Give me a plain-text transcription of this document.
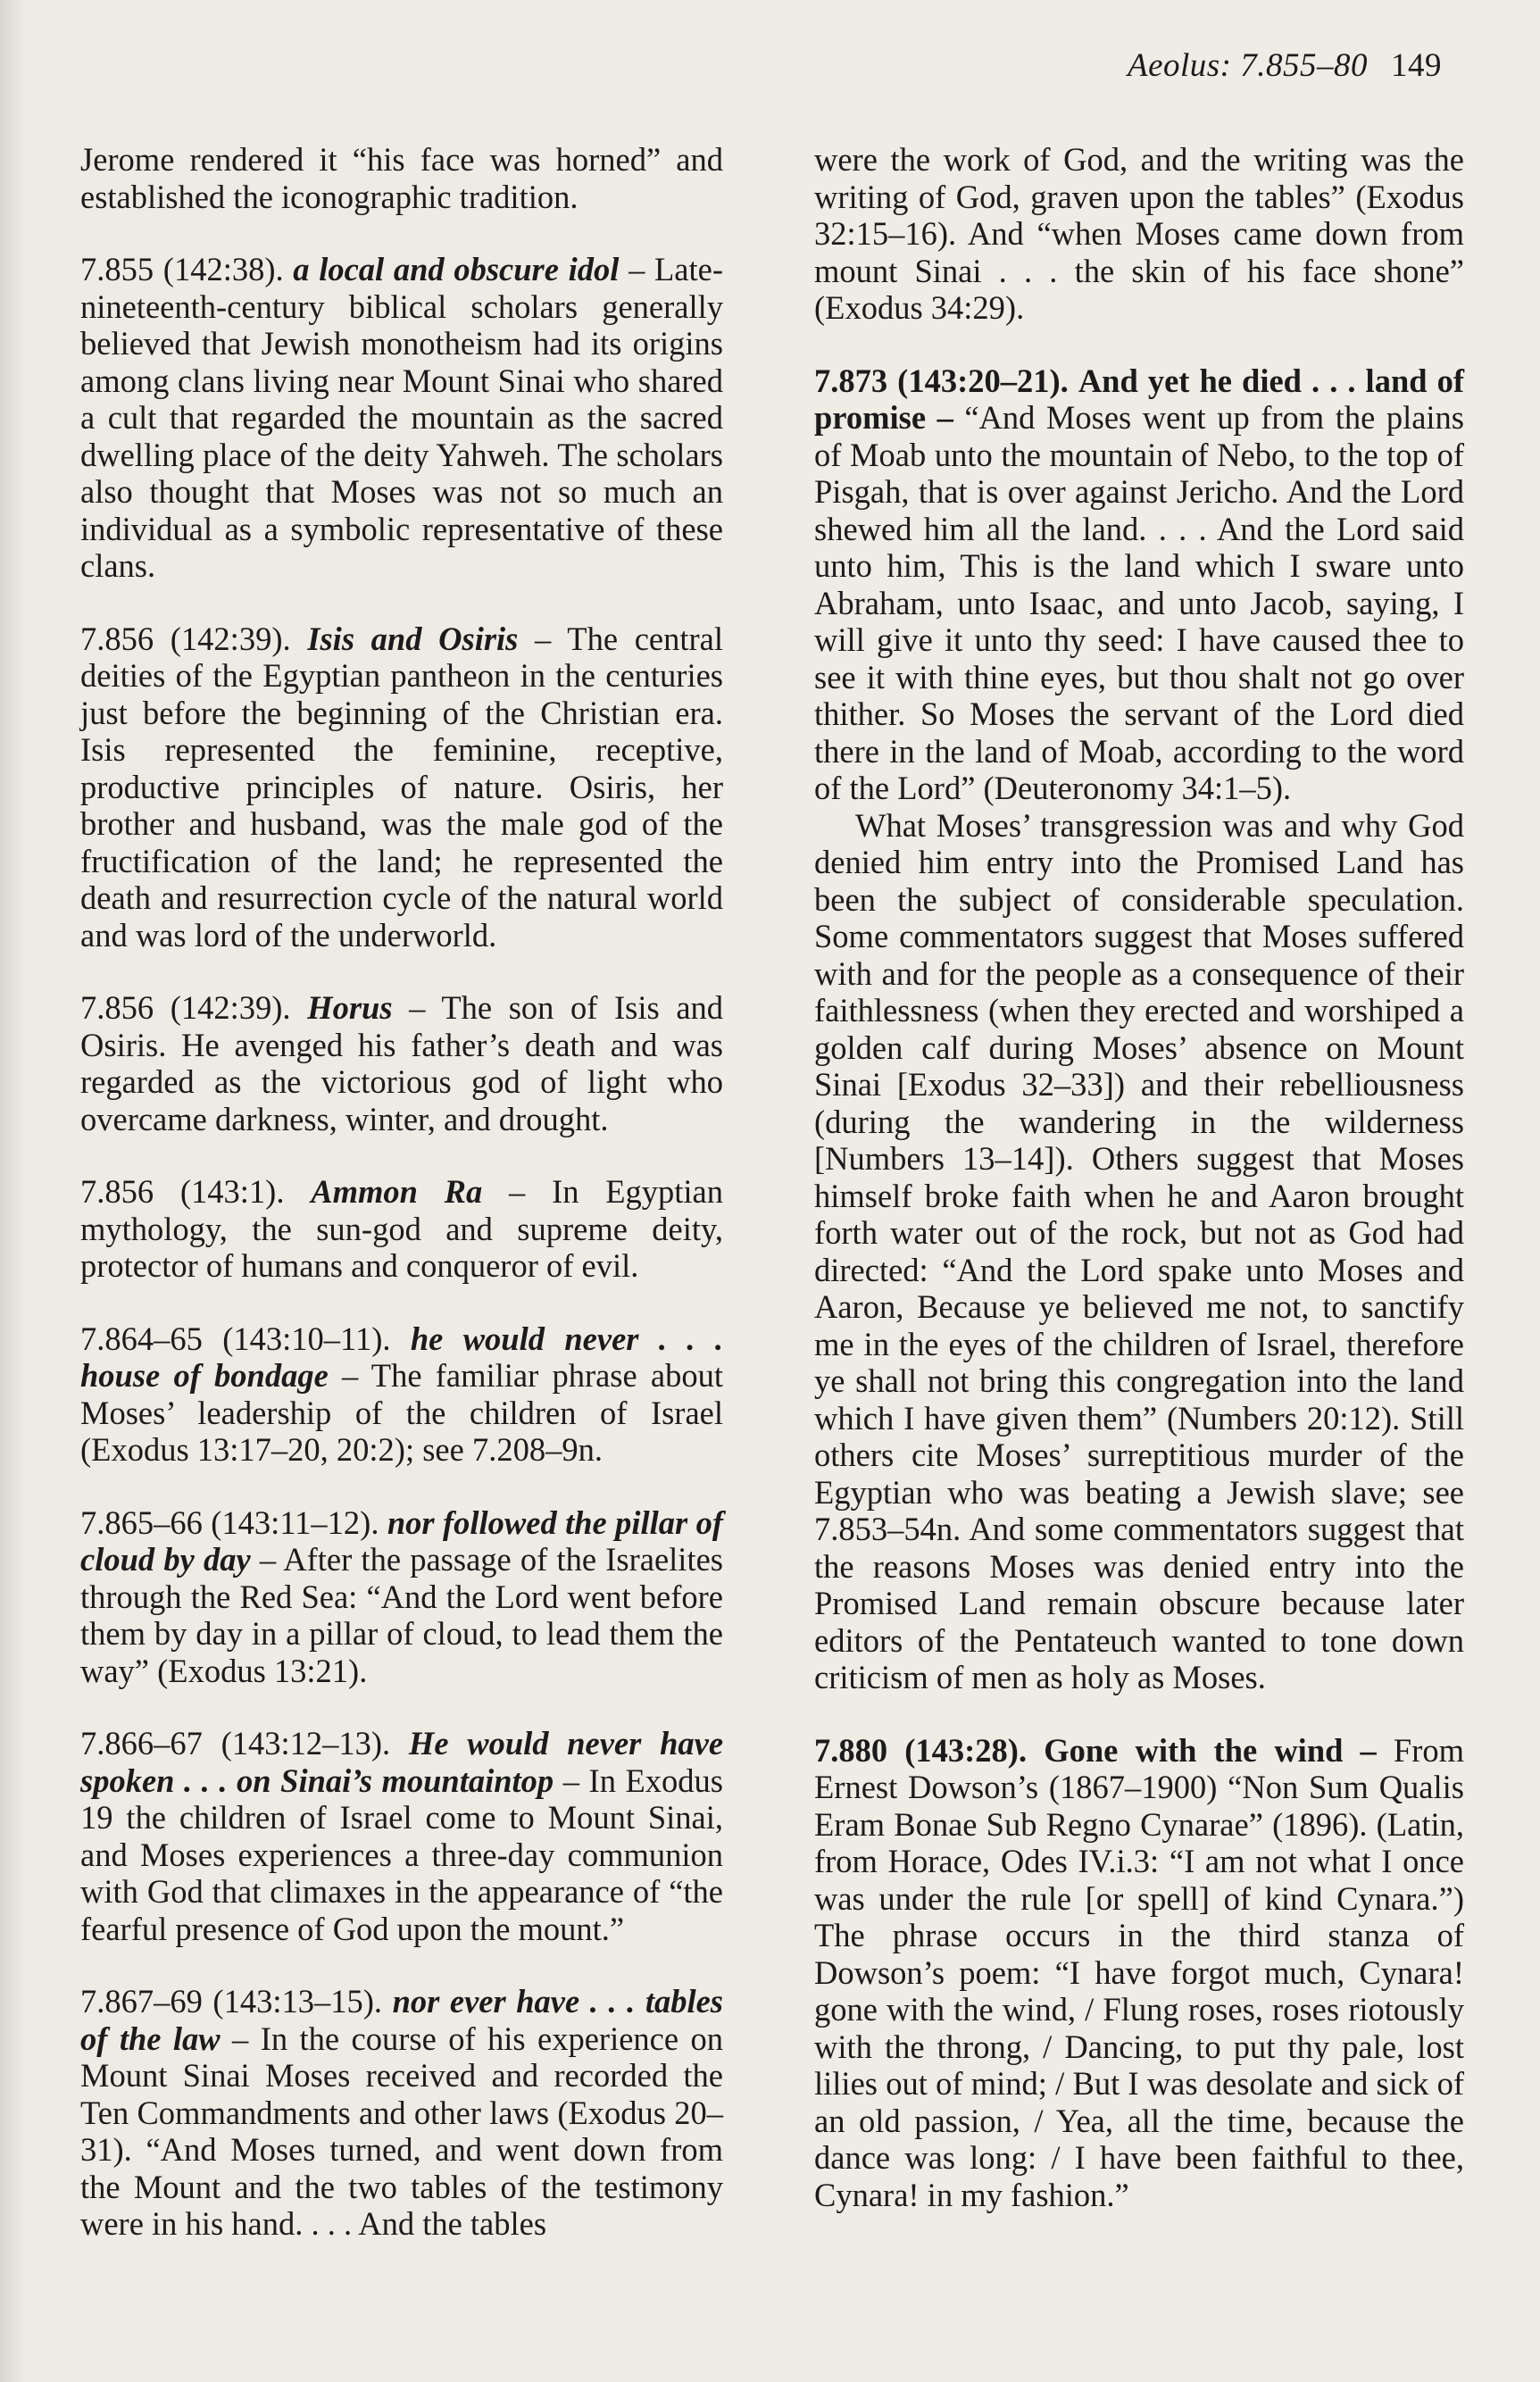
Aeolus: 7.855–80 149

Jerome rendered it “his face was horned” and established the iconographic tradition.

7.855 (142:38). a local and obscure idol – Late-nineteenth-century biblical scholars generally believed that Jewish monotheism had its origins among clans living near Mount Sinai who shared a cult that regarded the mountain as the sacred dwelling place of the deity Yahweh. The scholars also thought that Moses was not so much an individual as a symbolic representative of these clans.

7.856 (142:39). Isis and Osiris – The central deities of the Egyptian pantheon in the centuries just before the beginning of the Christian era. Isis represented the feminine, receptive, productive principles of nature. Osiris, her brother and husband, was the male god of the fructification of the land; he represented the death and resurrection cycle of the natural world and was lord of the underworld.

7.856 (142:39). Horus – The son of Isis and Osiris. He avenged his father’s death and was regarded as the victorious god of light who overcame darkness, winter, and drought.

7.856 (143:1). Ammon Ra – In Egyptian mythology, the sun-god and supreme deity, protector of humans and conqueror of evil.

7.864–65 (143:10–11). he would never . . . house of bondage – The familiar phrase about Moses’ leadership of the children of Israel (Exodus 13:17–20, 20:2); see 7.208–9n.

7.865–66 (143:11–12). nor followed the pillar of cloud by day – After the passage of the Israelites through the Red Sea: “And the Lord went before them by day in a pillar of cloud, to lead them the way” (Exodus 13:21).

7.866–67 (143:12–13). He would never have spoken . . . on Sinai’s mountaintop – In Exodus 19 the children of Israel come to Mount Sinai, and Moses experiences a three-day communion with God that climaxes in the appearance of “the fearful presence of God upon the mount.”

7.867–69 (143:13–15). nor ever have . . . tables of the law – In the course of his experience on Mount Sinai Moses received and recorded the Ten Commandments and other laws (Exodus 20–31). “And Moses turned, and went down from the Mount and the two tables of the testimony were in his hand. . . . And the tables

were the work of God, and the writing was the writing of God, graven upon the tables” (Exodus 32:15–16). And “when Moses came down from mount Sinai . . . the skin of his face shone” (Exodus 34:29).

7.873 (143:20–21). And yet he died . . . land of promise – “And Moses went up from the plains of Moab unto the mountain of Nebo, to the top of Pisgah, that is over against Jericho. And the Lord shewed him all the land. . . . And the Lord said unto him, This is the land which I sware unto Abraham, unto Isaac, and unto Jacob, saying, I will give it unto thy seed: I have caused thee to see it with thine eyes, but thou shalt not go over thither. So Moses the servant of the Lord died there in the land of Moab, according to the word of the Lord” (Deuteronomy 34:1–5).

What Moses’ transgression was and why God denied him entry into the Promised Land has been the subject of considerable speculation. Some commentators suggest that Moses suffered with and for the people as a consequence of their faithlessness (when they erected and worshiped a golden calf during Moses’ absence on Mount Sinai [Exodus 32–33]) and their rebelliousness (during the wandering in the wilderness [Numbers 13–14]). Others suggest that Moses himself broke faith when he and Aaron brought forth water out of the rock, but not as God had directed: “And the Lord spake unto Moses and Aaron, Because ye believed me not, to sanctify me in the eyes of the children of Israel, therefore ye shall not bring this congregation into the land which I have given them” (Numbers 20:12). Still others cite Moses’ surreptitious murder of the Egyptian who was beating a Jewish slave; see 7.853–54n. And some commentators suggest that the reasons Moses was denied entry into the Promised Land remain obscure because later editors of the Pentateuch wanted to tone down criticism of men as holy as Moses.

7.880 (143:28). Gone with the wind – From Ernest Dowson’s (1867–1900) “Non Sum Qualis Eram Bonae Sub Regno Cynarae” (1896). (Latin, from Horace, Odes IV.i.3: “I am not what I once was under the rule [or spell] of kind Cynara.”) The phrase occurs in the third stanza of Dowson’s poem: “I have forgot much, Cynara! gone with the wind, / Flung roses, roses riotously with the throng, / Dancing, to put thy pale, lost lilies out of mind; / But I was desolate and sick of an old passion, / Yea, all the time, because the dance was long: / I have been faithful to thee, Cynara! in my fashion.”
